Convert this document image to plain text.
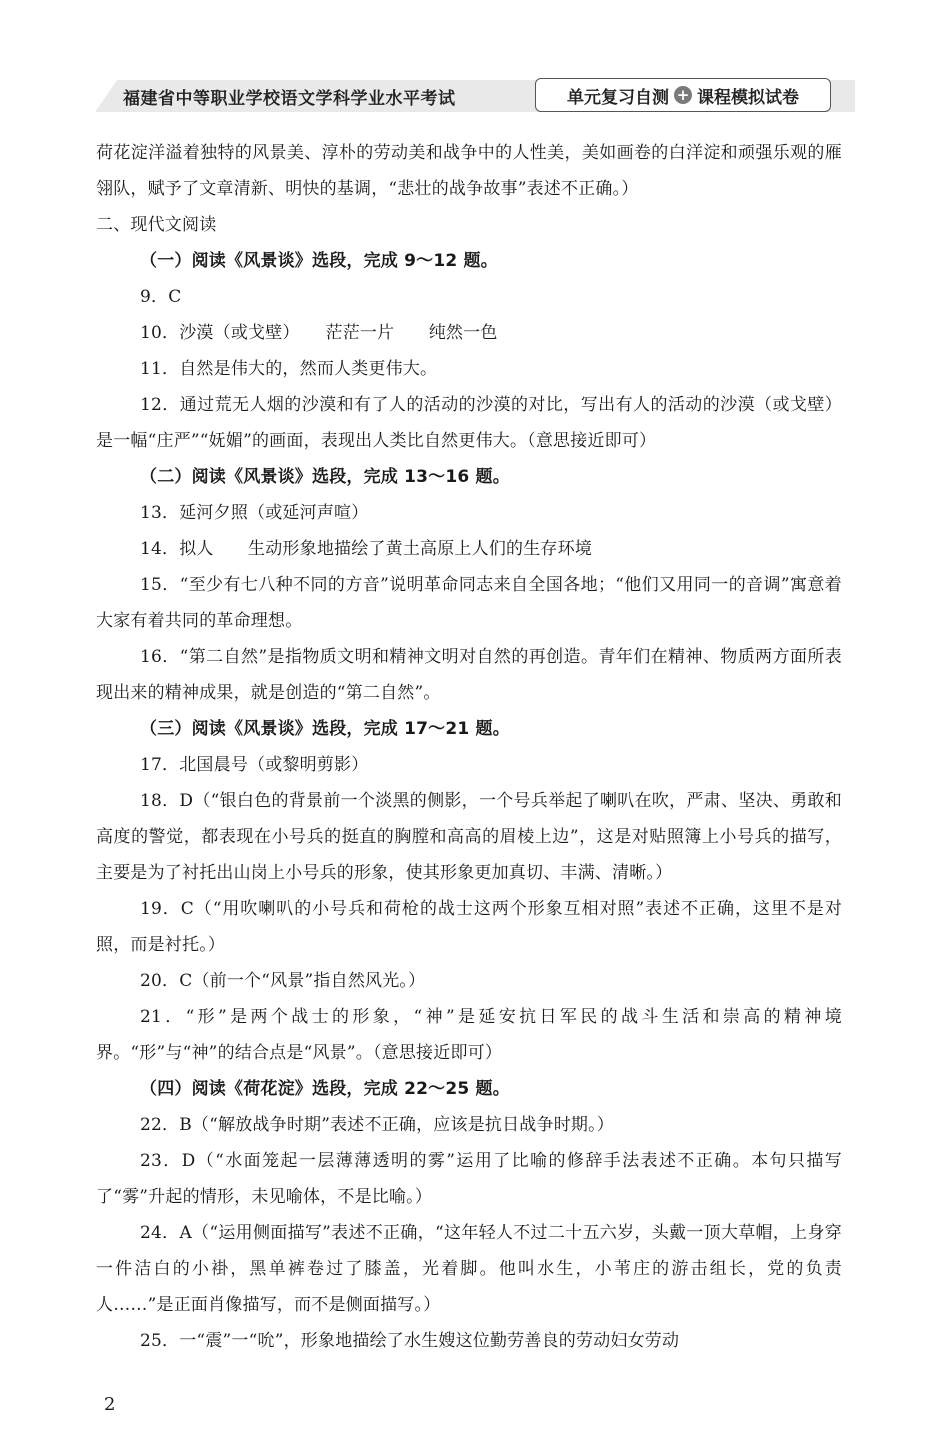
福建省中等职业学校语文学科学业水平考试	单元复习自测 + 课程模拟试卷

荷花淀洋溢着独特的风景美、淳朴的劳动美和战争中的人性美，美如画卷的白洋淀和顽强乐观的雁翎队，赋予了文章清新、明快的基调，“悲壮的战争故事”表述不正确。）

二、现代文阅读

（一）阅读《风景谈》选段，完成 9～12 题。

9．C

10．沙漠（或戈壁）　　茫茫一片　　纯然一色

11．自然是伟大的，然而人类更伟大。

12．通过荒无人烟的沙漠和有了人的活动的沙漠的对比，写出有人的活动的沙漠（或戈壁）是一幅“庄严”“妩媚”的画面，表现出人类比自然更伟大。（意思接近即可）

（二）阅读《风景谈》选段，完成 13～16 题。

13．延河夕照（或延河声喧）

14．拟人　　生动形象地描绘了黄土高原上人们的生存环境

15．“至少有七八种不同的方音”说明革命同志来自全国各地；“他们又用同一的音调”寓意着大家有着共同的革命理想。

16．“第二自然”是指物质文明和精神文明对自然的再创造。青年们在精神、物质两方面所表现出来的精神成果，就是创造的“第二自然”。

（三）阅读《风景谈》选段，完成 17～21 题。

17．北国晨号（或黎明剪影）

18．D（“银白色的背景前一个淡黑的侧影，一个号兵举起了喇叭在吹，严肃、坚决、勇敢和高度的警觉，都表现在小号兵的挺直的胸膛和高高的眉棱上边”，这是对贴照簿上小号兵的描写，主要是为了衬托出山岗上小号兵的形象，使其形象更加真切、丰满、清晰。）

19．C（“用吹喇叭的小号兵和荷枪的战士这两个形象互相对照”表述不正确，这里不是对照，而是衬托。）

20．C（前一个“风景”指自然风光。）

21．“形”是两个战士的形象，“神”是延安抗日军民的战斗生活和崇高的精神境界。“形”与“神”的结合点是“风景”。（意思接近即可）

（四）阅读《荷花淀》选段，完成 22～25 题。

22．B（“解放战争时期”表述不正确，应该是抗日战争时期。）

23．D（“水面笼起一层薄薄透明的雾”运用了比喻的修辞手法表述不正确。本句只描写了“雾”升起的情形，未见喻体，不是比喻。）

24．A（“运用侧面描写”表述不正确，“这年轻人不过二十五六岁，头戴一顶大草帽，上身穿一件洁白的小褂，黑单裤卷过了膝盖，光着脚。他叫水生，小苇庄的游击组长，党的负责人……”是正面肖像描写，而不是侧面描写。）

25．一“震”一“吮”，形象地描绘了水生嫂这位勤劳善良的劳动妇女劳动

2
